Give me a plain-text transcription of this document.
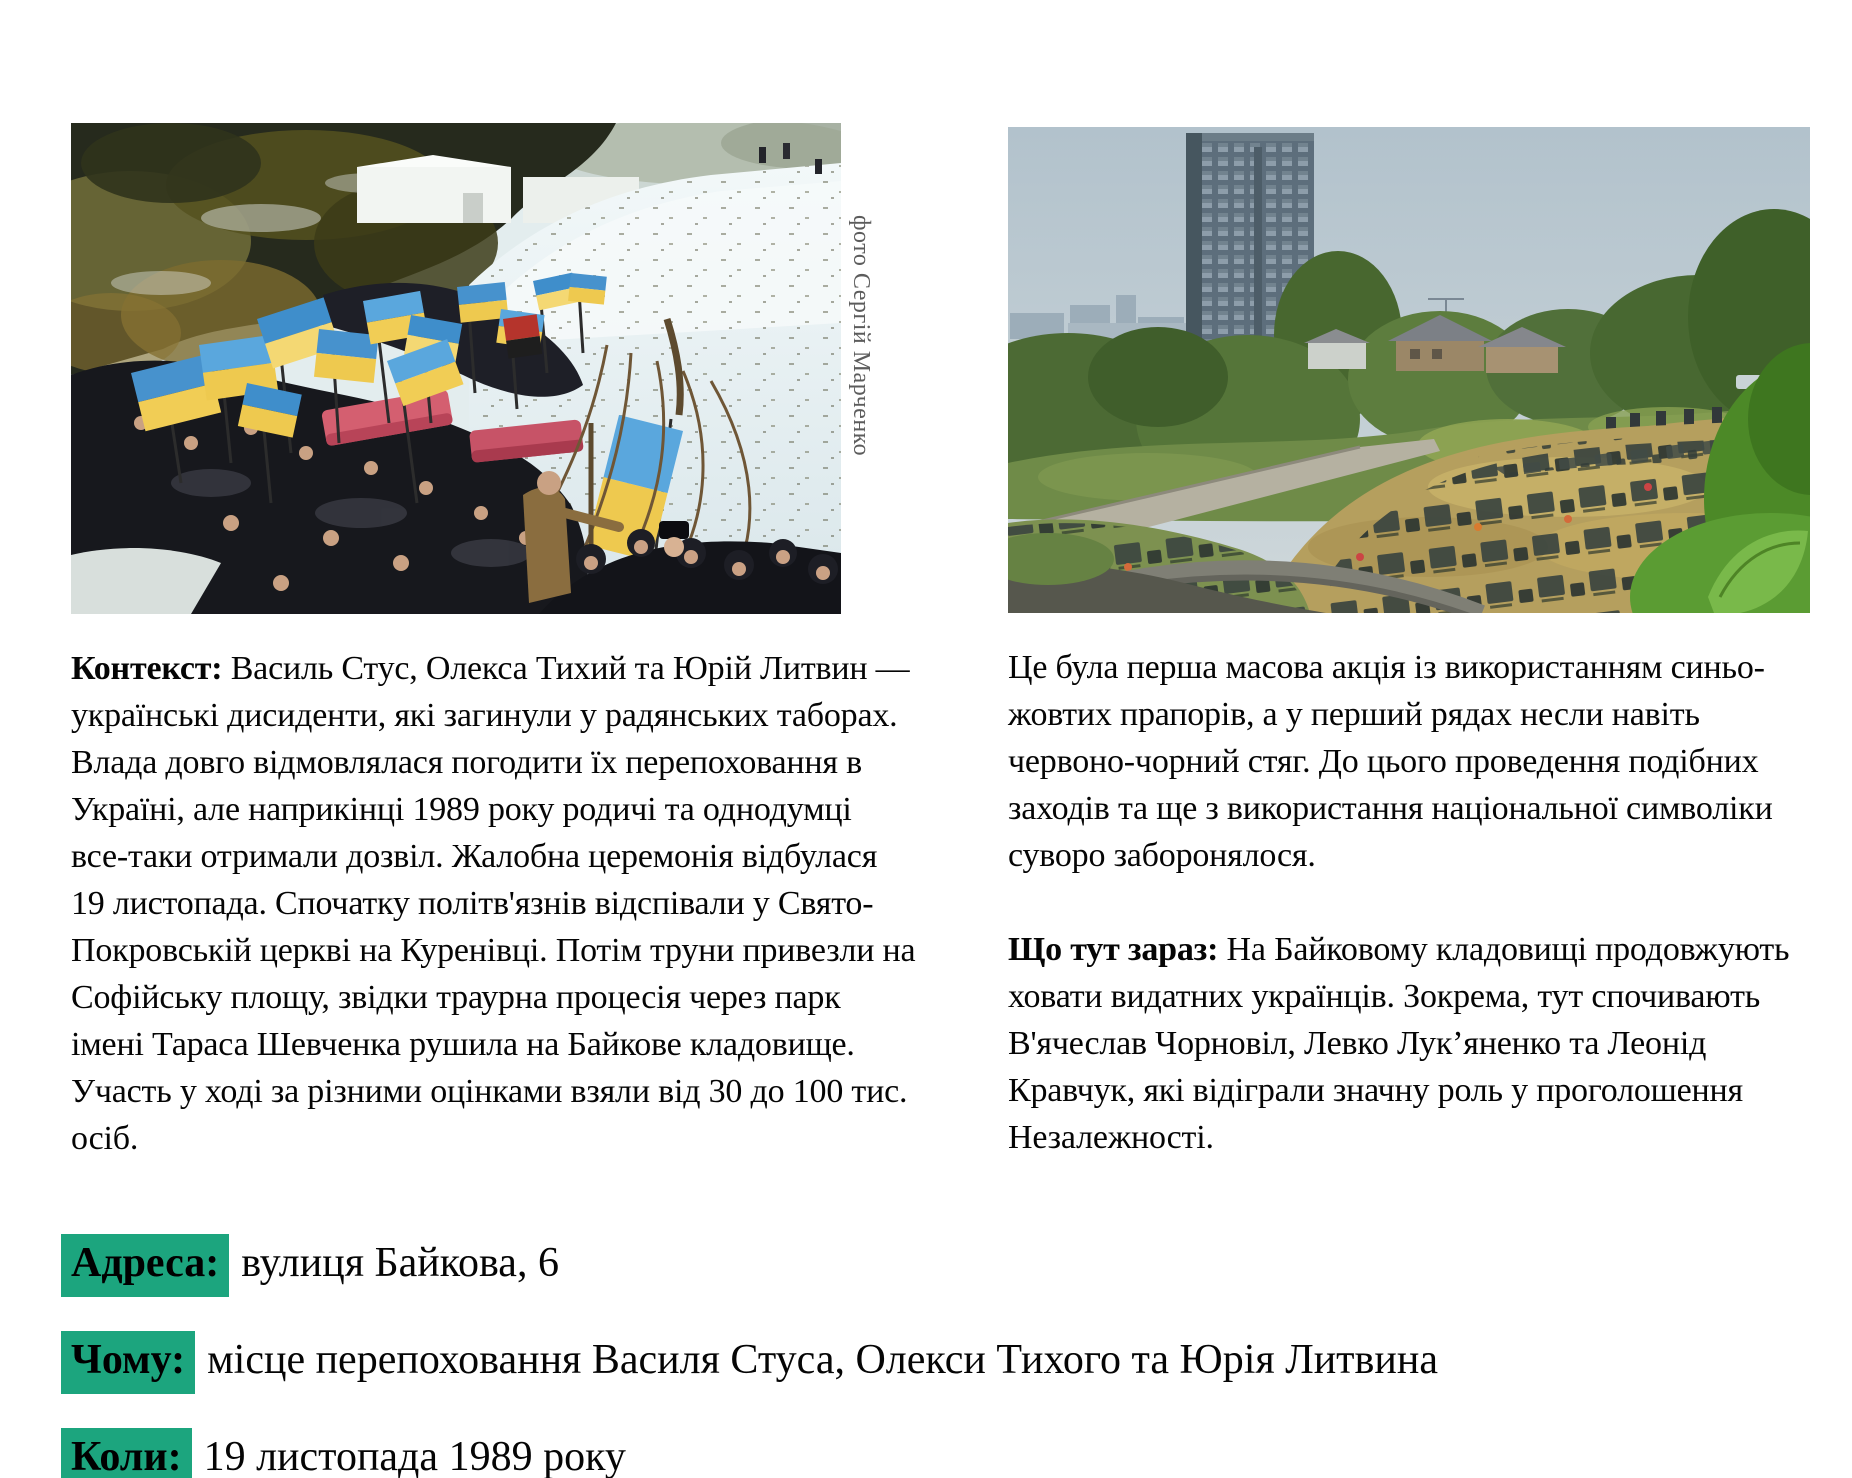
фото Сергій Марченко

Контекст: Василь Стус, Олекса Тихий та Юрій Литвин — українські дисиденти, які загинули у радянських таборах. Влада довго відмовлялася погодити їх перепоховання в Україні, але наприкінці 1989 року родичі та однодумці все-таки отримали дозвіл. Жалобна церемонія відбулася 19 листопада. Спочатку політв'язнів відспівали у Свято-Покровській церкві на Куренівці. Потім труни привезли на Софійську площу, звідки траурна процесія через парк імені Тараса Шевченка рушила на Байкове кладовище. Участь у ході за різними оцінками взяли від 30 до 100 тис. осіб.

Це була перша масова акція із використанням синьо-жовтих прапорів, а у перший рядах несли навіть червоно-чорний стяг. До цього проведення подібних заходів та ще з використання національної символіки суворо заборонялося.

Що тут зараз: На Байковому кладовищі продовжують ховати видатних українців. Зокрема, тут спочивають В'ячеслав Чорновіл, Левко Лук’яненко та Леонід Кравчук, які відіграли значну роль у проголошення Незалежності.

Адреса: вулиця Байкова, 6
Чому: місце перепоховання Василя Стуса, Олекси Тихого та Юрія Литвина
Коли: 19 листопада 1989 року
